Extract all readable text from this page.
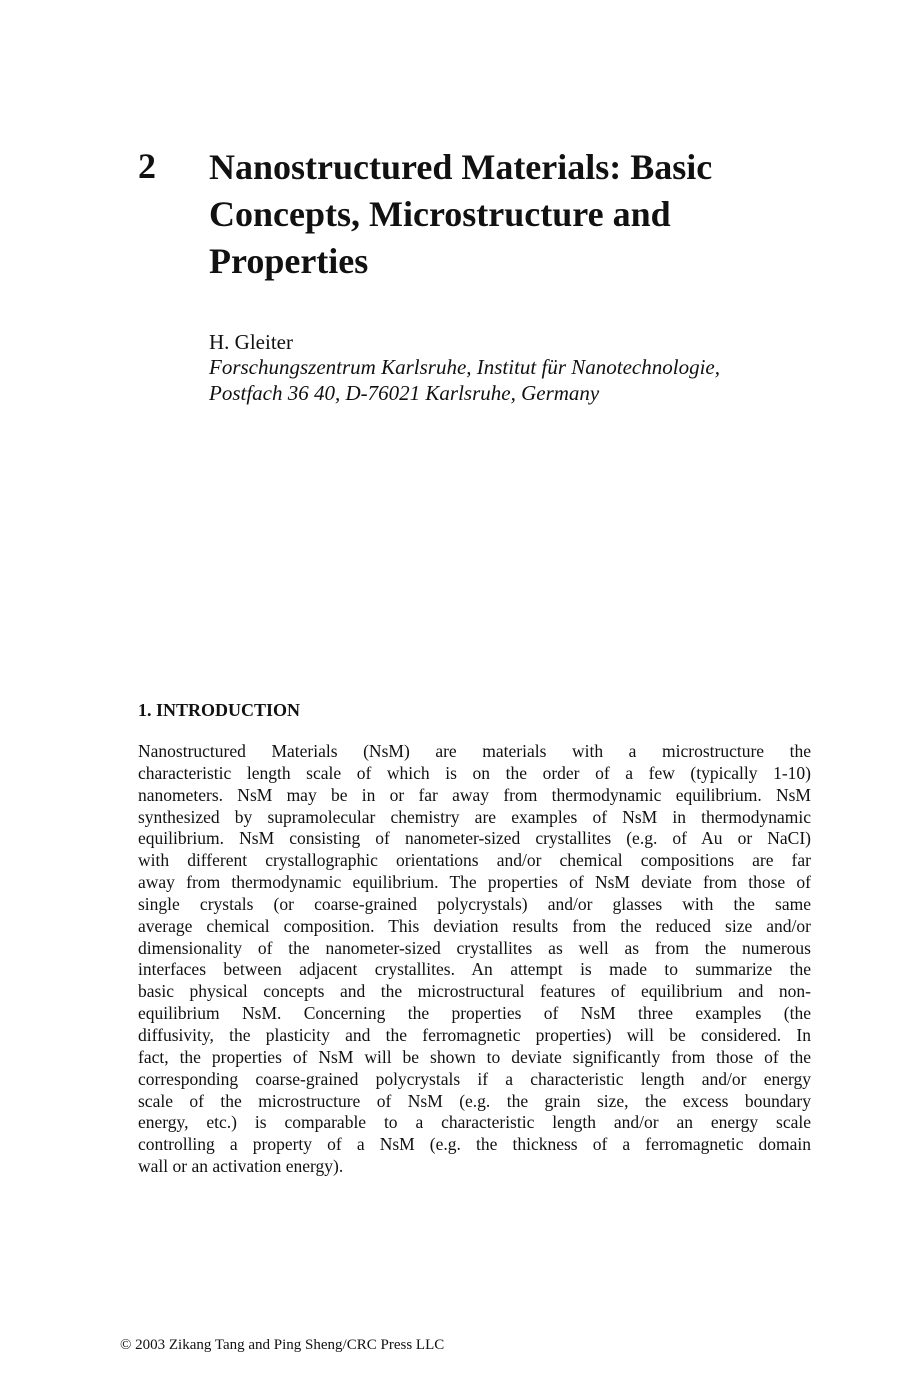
2 Nanostructured Materials: Basic
Concepts, Microstructure and
Properties
H. Gleiter
Forschungszentrum Karlsruhe, Institut für Nanotechnologie,
Postfach 36 40, D-76021 Karlsruhe, Germany
1. INTRODUCTION
Nanostructured Materials (NsM) are materials with a microstructure the
characteristic length scale of which is on the order of a few (typically 1-10)
nanometers. NsM may be in or far away from thermodynamic equilibrium. NsM
synthesized by supramolecular chemistry are examples of NsM in thermodynamic
equilibrium. NsM consisting of nanometer-sized crystallites (e.g. of Au or NaCI)
with different crystallographic orientations and/or chemical compositions are far
away from thermodynamic equilibrium. The properties of NsM deviate from those of
single crystals (or coarse-grained polycrystals) and/or glasses with the same
average chemical composition. This deviation results from the reduced size and/or
dimensionality of the nanometer-sized crystallites as well as from the numerous
interfaces between adjacent crystallites. An attempt is made to summarize the
basic physical concepts and the microstructural features of equilibrium and non-
equilibrium NsM. Concerning the properties of NsM three examples (the
diffusivity, the plasticity and the ferromagnetic properties) will be considered. In
fact, the properties of NsM will be shown to deviate significantly from those of the
corresponding coarse-grained polycrystals if a characteristic length and/or energy
scale of the microstructure of NsM (e.g. the grain size, the excess boundary
energy, etc.) is comparable to a characteristic length and/or an energy scale
controlling a property of a NsM (e.g. the thickness of a ferromagnetic domain
wall or an activation energy).
© 2003 Zikang Tang and Ping Sheng/CRC Press LLC
